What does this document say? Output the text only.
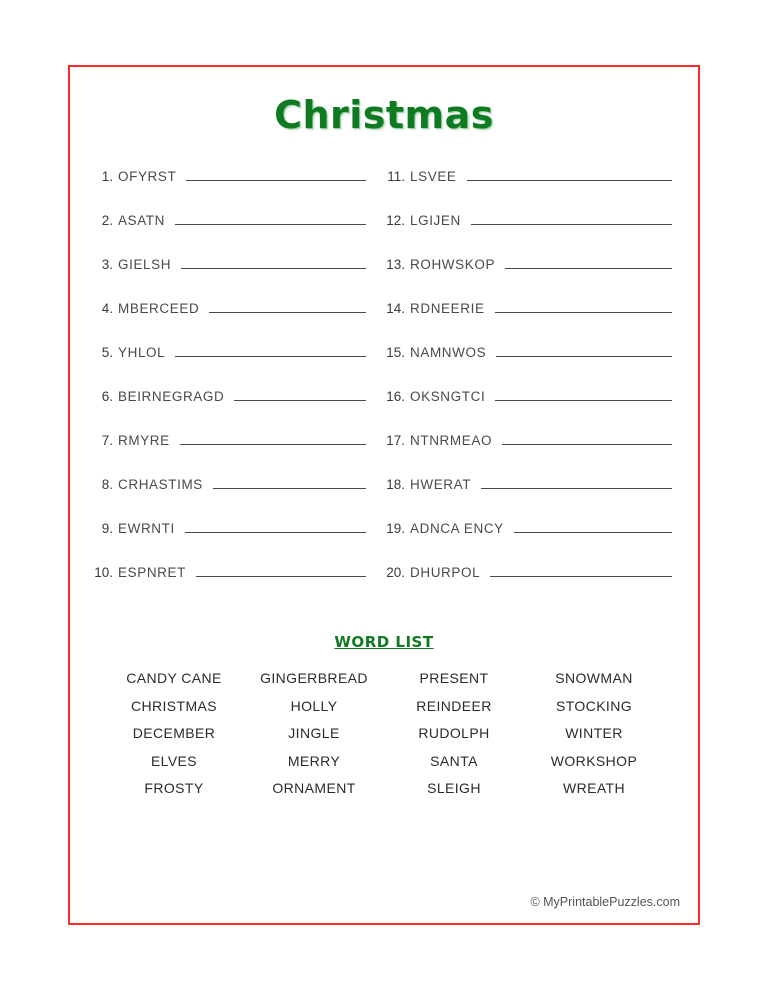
Christmas
1. OFYRST
2. ASATN
3. GIELSH
4. MBERCEED
5. YHLOL
6. BEIRNEGRAGD
7. RMYRE
8. CRHASTIMS
9. EWRNTI
10. ESPNRET
11. LSVEE
12. LGIJEN
13. ROHWSKOP
14. RDNEERIE
15. NAMNWOS
16. OKSNGTCI
17. NTNRMEAO
18. HWERAT
19. ADNCA ENCY
20. DHURPOL
WORD LIST
CANDY CANE
CHRISTMAS
DECEMBER
ELVES
FROSTY
GINGERBREAD
HOLLY
JINGLE
MERRY
ORNAMENT
PRESENT
REINDEER
RUDOLPH
SANTA
SLEIGH
SNOWMAN
STOCKING
WINTER
WORKSHOP
WREATH
© MyPrintablePuzzles.com
